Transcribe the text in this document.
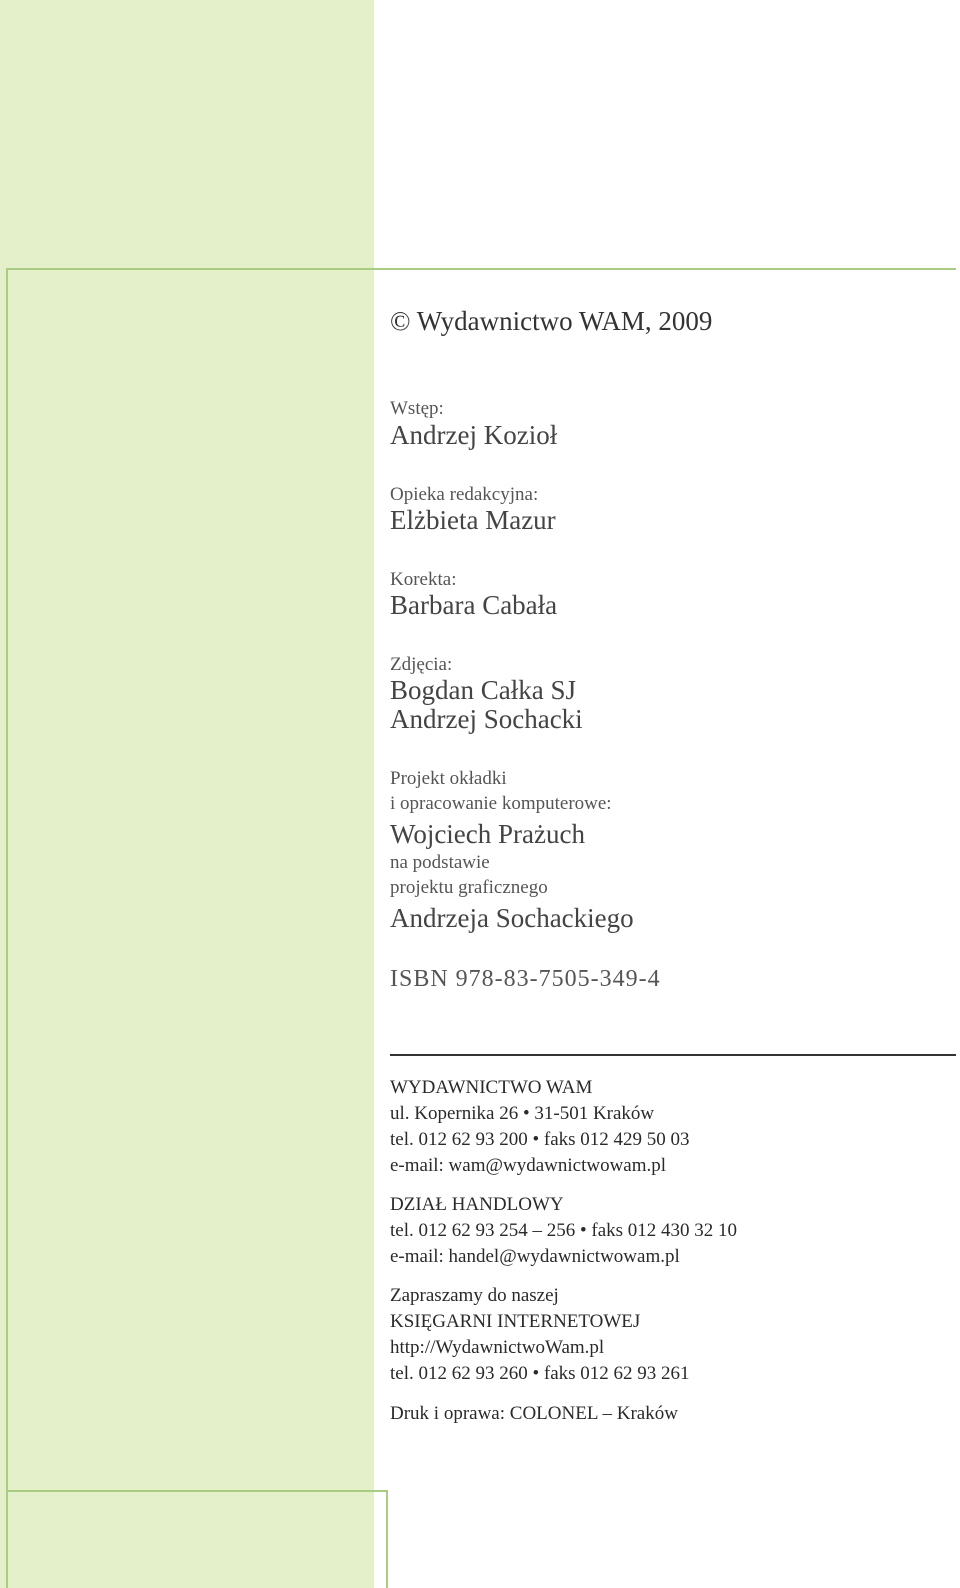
© Wydawnictwo WAM, 2009
Wstęp:
Andrzej Kozioł
Opieka redakcyjna:
Elżbieta Mazur
Korekta:
Barbara Cabała
Zdjęcia:
Bogdan Całka SJ
Andrzej Sochacki
Projekt okładki
i opracowanie komputerowe:
Wojciech Prażuch
na podstawie
projektu graficznego
Andrzeja Sochackiego
ISBN 978-83-7505-349-4
WYDAWNICTWO WAM
ul. Kopernika 26 • 31-501 Kraków
tel. 012 62 93 200 • faks 012 429 50 03
e-mail: wam@wydawnictwowam.pl
DZIAŁ HANDLOWY
tel. 012 62 93 254 – 256 • faks 012 430 32 10
e-mail: handel@wydawnictwowam.pl
Zapraszamy do naszej
KSIĘGARNI INTERNETOWEJ
http://WydawnictwoWam.pl
tel. 012 62 93 260 • faks 012 62 93 261
Druk i oprawa: COLONEL – Kraków
